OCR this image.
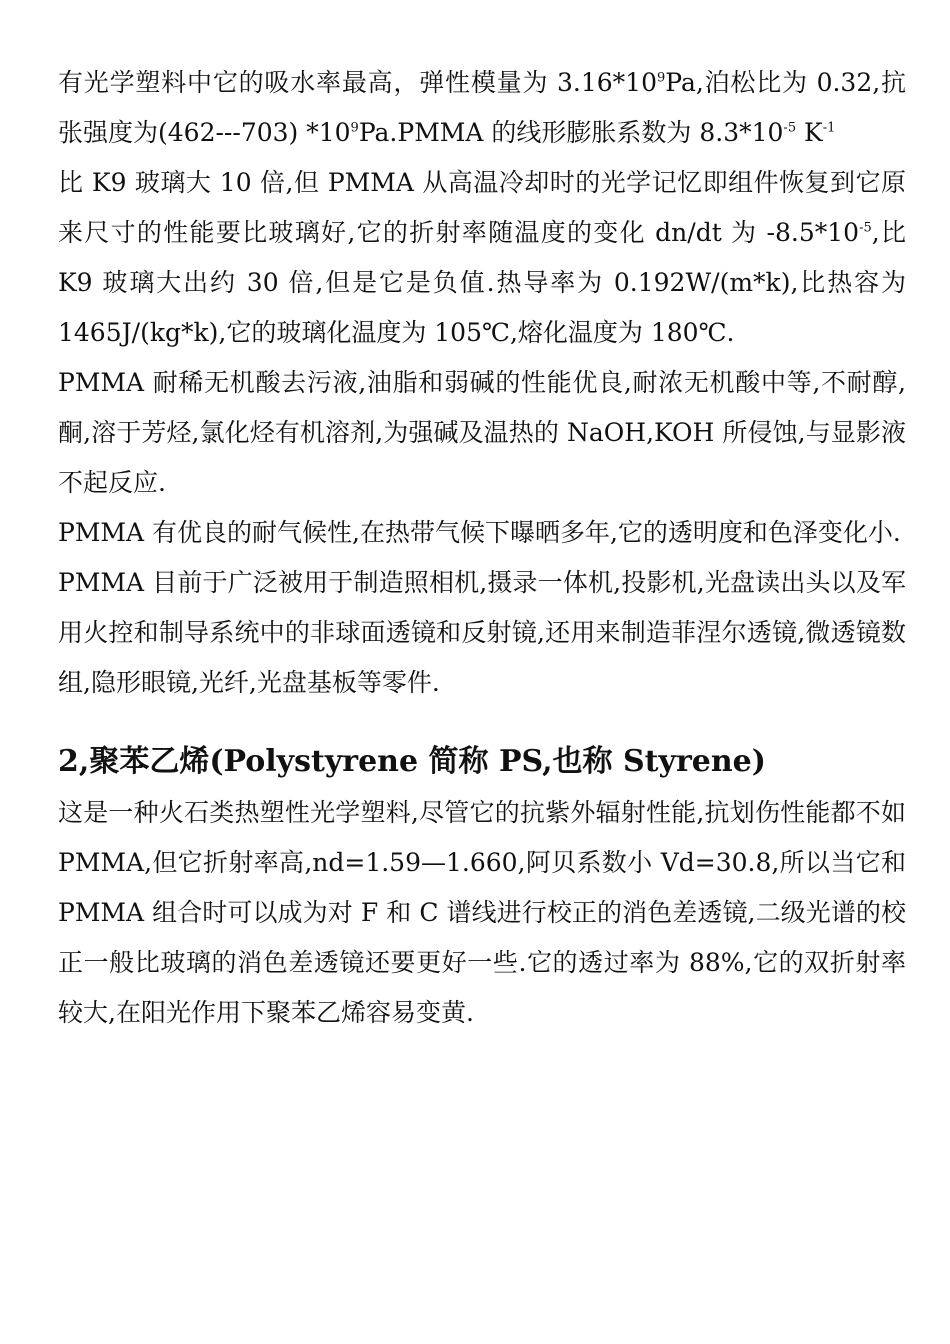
有光学塑料中它的吸水率最高，弹性模量为 $3.16*10^9Pa$,泊松比为 0.32,抗张强度为(462---703) $*10^9Pa.PMMA$ 的线形膨胀系数为 $8.3*10^{-5}$ $K^{-1}$

比 K9 玻璃大 10 倍,但 PMMA 从高温冷却时的光学记忆即组件恢复到它原来尺寸的性能要比玻璃好,它的折射率随温度的变化 dn/dt 为 $-8.5*10^{-5}$,比 K9 玻璃大出约 30 倍,但是它是负值.热导率为 0.192W/(m*k),比热容为 1465J/(kg*k),它的玻璃化温度为 105℃,熔化温度为 180℃.

PMMA 耐稀无机酸去污液,油脂和弱碱的性能优良,耐浓无机酸中等,不耐醇,酮,溶于芳烃,氯化烃有机溶剂,为强碱及温热的 NaOH,KOH 所侵蚀,与显影液不起反应.

PMMA 有优良的耐气候性,在热带气候下曝晒多年,它的透明度和色泽变化小.

PMMA 目前于广泛被用于制造照相机,摄录一体机,投影机,光盘读出头以及军用火控和制导系统中的非球面透镜和反射镜,还用来制造菲涅尔透镜,微透镜数组,隐形眼镜,光纤,光盘基板等零件.

2,聚苯乙烯(Polystyrene 简称 PS,也称 Styrene)

这是一种火石类热塑性光学塑料,尽管它的抗紫外辐射性能,抗划伤性能都不如 PMMA,但它折射率高,nd=1.59—1.660,阿贝系数小 Vd=30.8,所以当它和 PMMA 组合时可以成为对 F 和 C 谱线进行校正的消色差透镜,二级光谱的校正一般比玻璃的消色差透镜还要更好一些.它的透过率为 88%,它的双折射率较大,在阳光作用下聚苯乙烯容易变黄.
